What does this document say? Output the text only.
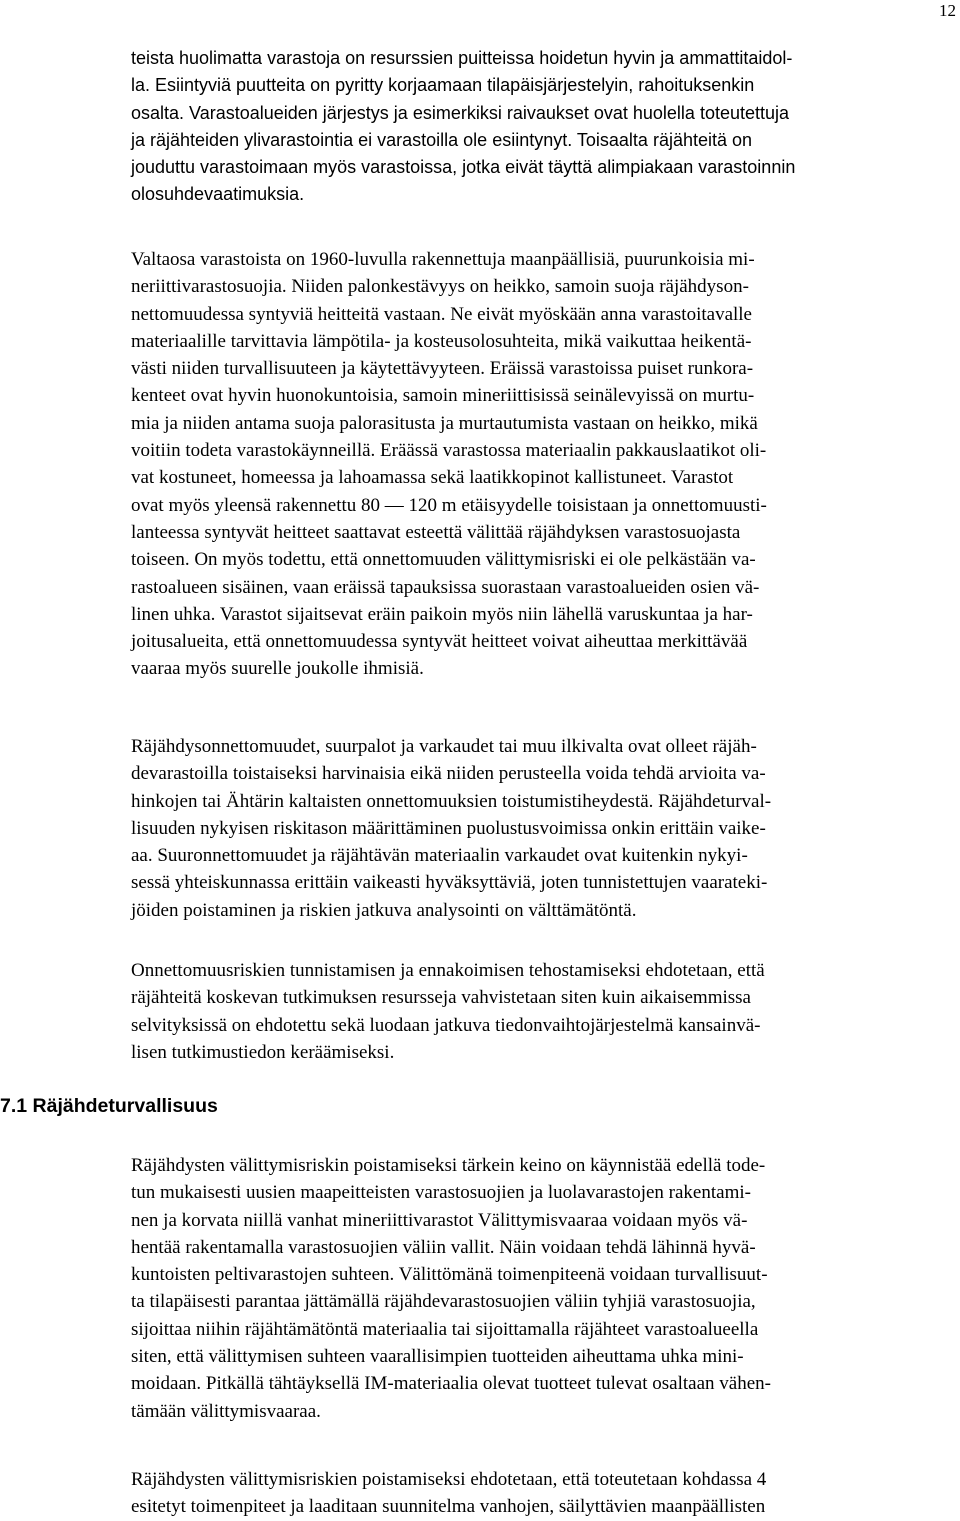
12
7.1 Räjähdeturvallisuus

teista huolimatta varastoja on resurssien puitteissa hoidetun hyvin ja ammattitaidol-
la. Esiintyviä puutteita on pyritty korjaamaan tilapäisjärjestelyin, rahoituksenkin
osalta. Varastoalueiden järjestys ja esimerkiksi raivaukset ovat huolella toteutettuja
ja räjähteiden ylivarastointia ei varastoilla ole esiintynyt. Toisaalta räjähteitä on
jouduttu varastoimaan myös varastoissa, jotka eivät täyttä alimpiakaan varastoinnin
olosuhdevaatimuksia.

Valtaosa varastoista on 1960-luvulla rakennettuja maanpäällisiä, puurunkoisia mi-
neriittivarastosuojia. Niiden palonkestävyys on heikko, samoin suoja räjähdyson-
nettomuudessa syntyviä heitteitä vastaan. Ne eivät myöskään anna varastoitavalle
materiaalille tarvittavia lämpötila- ja kosteusolosuhteita, mikä vaikuttaa heikentä-
västi niiden turvallisuuteen ja käytettävyyteen. Eräissä varastoissa puiset runkora-
kenteet ovat hyvin huonokuntoisia, samoin mineriittisissä seinälevyissä on murtu-
mia ja niiden antama suoja palorasitusta ja murtautumista vastaan on heikko, mikä
voitiin todeta varastokäynneillä. Eräässä varastossa materiaalin pakkauslaatikot oli-
vat kostuneet, homeessa ja lahoamassa sekä laatikkopinot kallistuneet. Varastot
ovat myös yleensä rakennettu 80 — 120 m etäisyydelle toisistaan ja onnettomuusti-
lanteessa syntyvät heitteet saattavat esteettä välittää räjähdyksen varastosuojasta
toiseen. On myös todettu, että onnettomuuden välittymisriski ei ole pelkästään va-
rastoalueen sisäinen, vaan eräissä tapauksissa suorastaan varastoalueiden osien vä-
linen uhka. Varastot sijaitsevat eräin paikoin myös niin lähellä varuskuntaa ja har-
joitusalueita, että onnettomuudessa syntyvät heitteet voivat aiheuttaa merkittävää
vaaraa myös suurelle joukolle ihmisiä.

Räjähdysonnettomuudet, suurpalot ja varkaudet tai muu ilkivalta ovat olleet räjäh-
devarastoilla toistaiseksi harvinaisia eikä niiden perusteella voida tehdä arvioita va-
hinkojen tai Ähtärin kaltaisten onnettomuuksien toistumistiheydestä. Räjähdeturval-
lisuuden nykyisen riskitason määrittäminen puolustusvoimissa onkin erittäin vaike-
aa. Suuronnettomuudet ja räjähtävän materiaalin varkaudet ovat kuitenkin nykyi-
sessä yhteiskunnassa erittäin vaikeasti hyväksyttäviä, joten tunnistettujen vaarateki-
jöiden poistaminen ja riskien jatkuva analysointi on välttämätöntä.

Onnettomuusriskien tunnistamisen ja ennakoimisen tehostamiseksi ehdotetaan, että
räjähteitä koskevan tutkimuksen resursseja vahvistetaan siten kuin aikaisemmissa
selvityksissä on ehdotettu sekä luodaan jatkuva tiedonvaihtojärjestelmä kansainvä-
lisen tutkimustiedon keräämiseksi.

Räjähdysten välittymisriskin poistamiseksi tärkein keino on käynnistää edellä tode-
tun mukaisesti uusien maapeitteisten varastosuojien ja luolavarastojen rakentami-
nen ja korvata niillä vanhat mineriittivarastot Välittymisvaaraa voidaan myös vä-
hentää rakentamalla varastosuojien väliin vallit. Näin voidaan tehdä lähinnä hyvä-
kuntoisten peltivarastojen suhteen. Välittömänä toimenpiteenä voidaan turvallisuut-
ta tilapäisesti parantaa jättämällä räjähdevarastosuojien väliin tyhjiä varastosuojia,
sijoittaa niihin räjähtämätöntä materiaalia tai sijoittamalla räjähteet varastoalueella
siten, että välittymisen suhteen vaarallisimpien tuotteiden aiheuttama uhka mini-
moidaan. Pitkällä tähtäyksellä IM-materiaalia olevat tuotteet tulevat osaltaan vähen-
tämään välittymisvaaraa.

Räjähdysten välittymisriskien poistamiseksi ehdotetaan, että toteutetaan kohdassa 4
esitetyt toimenpiteet ja laaditaan suunnitelma vanhojen, säilyttävien maanpäällisten
